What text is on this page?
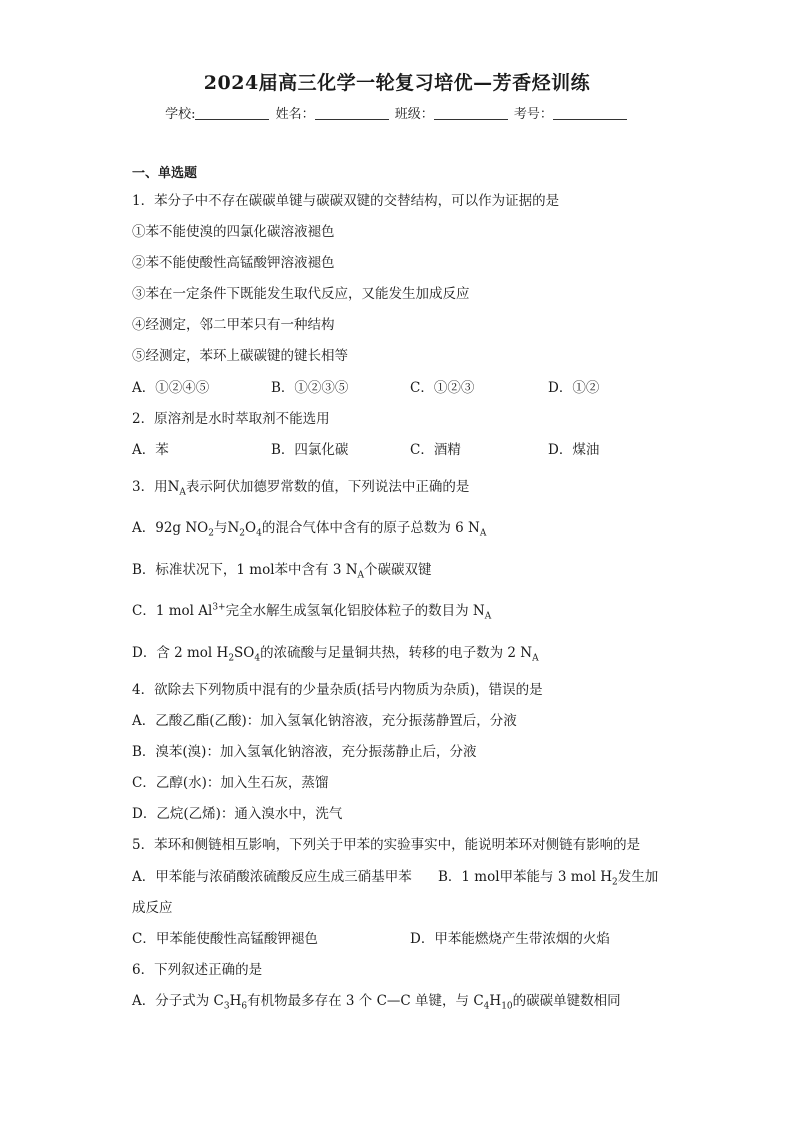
2024届高三化学一轮复习培优—芳香烃训练
学校:	姓名：	班级：	考号：
一、单选题
1．苯分子中不存在碳碳单键与碳碳双键的交替结构，可以作为证据的是
①苯不能使溴的四氯化碳溶液褪色
②苯不能使酸性高锰酸钾溶液褪色
③苯在一定条件下既能发生取代反应，又能发生加成反应
④经测定，邻二甲苯只有一种结构
⑤经测定，苯环上碳碳键的键长相等
A．①②④⑤	B．①②③⑤	C．①②③	D．①②
2．原溶剂是水时萃取剂不能选用
A．苯	B．四氯化碳	C．酒精	D．煤油
3．用$N_A$表示阿伏加德罗常数的值，下列说法中正确的是
A．92g $NO_2$与$N_2O_4$的混合气体中含有的原子总数为 6 $N_A$
B．标准状况下，1 mol苯中含有 3 $N_A$个碳碳双键
C．1 mol $Al^{3+}$完全水解生成氢氧化铝胶体粒子的数目为 $N_A$
D．含 2 mol $H_2SO_4$的浓硫酸与足量铜共热，转移的电子数为 2 $N_A$
4．欲除去下列物质中混有的少量杂质(括号内物质为杂质)，错误的是
A．乙酸乙酯(乙酸)：加入氢氧化钠溶液，充分振荡静置后，分液
B．溴苯(溴)：加入氢氧化钠溶液，充分振荡静止后，分液
C．乙醇(水)：加入生石灰，蒸馏
D．乙烷(乙烯)：通入溴水中，洗气
5．苯环和侧链相互影响，下列关于甲苯的实验事实中，能说明苯环对侧链有影响的是
A．甲苯能与浓硝酸浓硫酸反应生成三硝基甲苯 B．1 mol甲苯能与 3 mol $H_2$发生加
成反应
C．甲苯能使酸性高锰酸钾褪色	D．甲苯能燃烧产生带浓烟的火焰
6．下列叙述正确的是
A．分子式为 $C_3H_6$有机物最多存在 3 个 C—C 单键，与 $C_4H_{10}$的碳碳单键数相同
